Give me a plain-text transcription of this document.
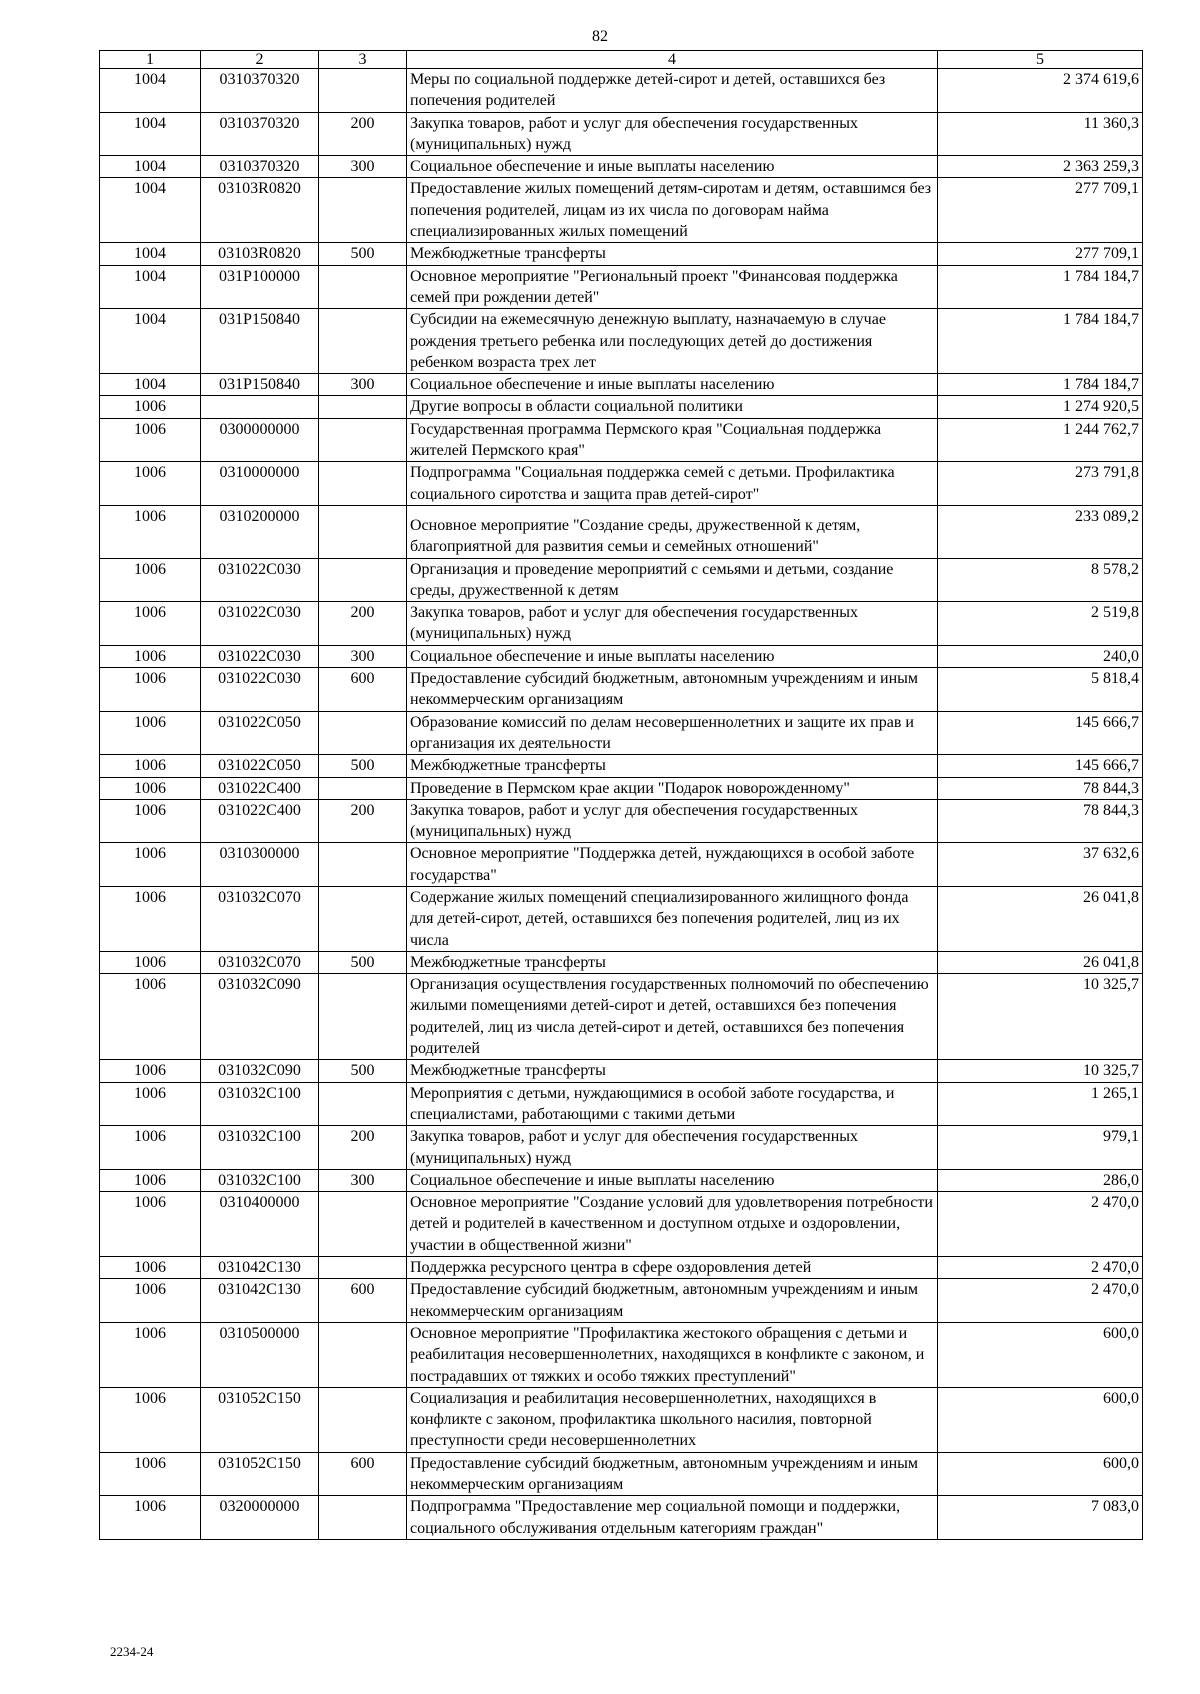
82
1	2	3	4	5
1004	0310370320		Меры по социальной поддержке детей-сирот и детей, оставшихся без попечения родителей	2 374 619,6
1004	0310370320	200	Закупка товаров, работ и услуг для обеспечения государственных (муниципальных) нужд	11 360,3
1004	0310370320	300	Социальное обеспечение и иные выплаты населению	2 363 259,3
1004	03103R0820		Предоставление жилых помещений детям-сиротам и детям, оставшимся без попечения родителей, лицам из их числа по договорам найма специализированных жилых помещений	277 709,1
1004	03103R0820	500	Межбюджетные трансферты	277 709,1
1004	031P100000		Основное мероприятие "Региональный проект "Финансовая поддержка семей при рождении детей"	1 784 184,7
1004	031P150840		Субсидии на ежемесячную денежную выплату, назначаемую в случае рождения третьего ребенка или последующих детей до достижения ребенком возраста трех лет	1 784 184,7
1004	031P150840	300	Социальное обеспечение и иные выплаты населению	1 784 184,7
1006			Другие вопросы в области социальной политики	1 274 920,5
1006	0300000000		Государственная программа Пермского края "Социальная поддержка жителей Пермского края"	1 244 762,7
1006	0310000000		Подпрограмма "Социальная поддержка семей с детьми. Профилактика социального сиротства и защита прав детей-сирот"	273 791,8
1006	0310200000		Основное мероприятие "Создание среды, дружественной к детям, благоприятной для развития семьи и семейных отношений"	233 089,2
1006	031022С030		Организация и проведение мероприятий с семьями и детьми, создание среды, дружественной к детям	8 578,2
1006	031022С030	200	Закупка товаров, работ и услуг для обеспечения государственных (муниципальных) нужд	2 519,8
1006	031022С030	300	Социальное обеспечение и иные выплаты населению	240,0
1006	031022С030	600	Предоставление субсидий бюджетным, автономным учреждениям и иным некоммерческим организациям	5 818,4
1006	031022С050		Образование комиссий по делам несовершеннолетних и защите их прав и организация их деятельности	145 666,7
1006	031022С050	500	Межбюджетные трансферты	145 666,7
1006	031022С400		Проведение в Пермском крае акции "Подарок новорожденному"	78 844,3
1006	031022С400	200	Закупка товаров, работ и услуг для обеспечения государственных (муниципальных) нужд	78 844,3
1006	0310300000		Основное мероприятие "Поддержка детей, нуждающихся в особой заботе государства"	37 632,6
1006	031032С070		Содержание жилых помещений специализированного жилищного фонда для детей-сирот, детей, оставшихся без попечения родителей, лиц из их числа	26 041,8
1006	031032С070	500	Межбюджетные трансферты	26 041,8
1006	031032С090		Организация осуществления государственных полномочий по обеспечению жилыми помещениями детей-сирот и детей, оставшихся без попечения родителей, лиц из числа детей-сирот и детей, оставшихся без попечения родителей	10 325,7
1006	031032С090	500	Межбюджетные трансферты	10 325,7
1006	031032С100		Мероприятия с детьми, нуждающимися в особой заботе государства, и специалистами, работающими с такими детьми	1 265,1
1006	031032С100	200	Закупка товаров, работ и услуг для обеспечения государственных (муниципальных) нужд	979,1
1006	031032С100	300	Социальное обеспечение и иные выплаты населению	286,0
1006	0310400000		Основное мероприятие "Создание условий для удовлетворения потребности детей и родителей в качественном и доступном отдыхе и оздоровлении, участии в общественной жизни"	2 470,0
1006	031042С130		Поддержка ресурсного центра в сфере оздоровления детей	2 470,0
1006	031042С130	600	Предоставление субсидий бюджетным, автономным учреждениям и иным некоммерческим организациям	2 470,0
1006	0310500000		Основное мероприятие "Профилактика жестокого обращения с детьми и реабилитация несовершеннолетних, находящихся в конфликте с законом, и пострадавших от тяжких и особо тяжких преступлений"	600,0
1006	031052С150		Социализация и реабилитация несовершеннолетних, находящихся в конфликте с законом, профилактика школьного насилия, повторной преступности среди несовершеннолетних	600,0
1006	031052С150	600	Предоставление субсидий бюджетным, автономным учреждениям и иным некоммерческим организациям	600,0
1006	0320000000		Подпрограмма "Предоставление мер социальной помощи и поддержки, социального обслуживания отдельным категориям граждан"	7 083,0
2234-24
